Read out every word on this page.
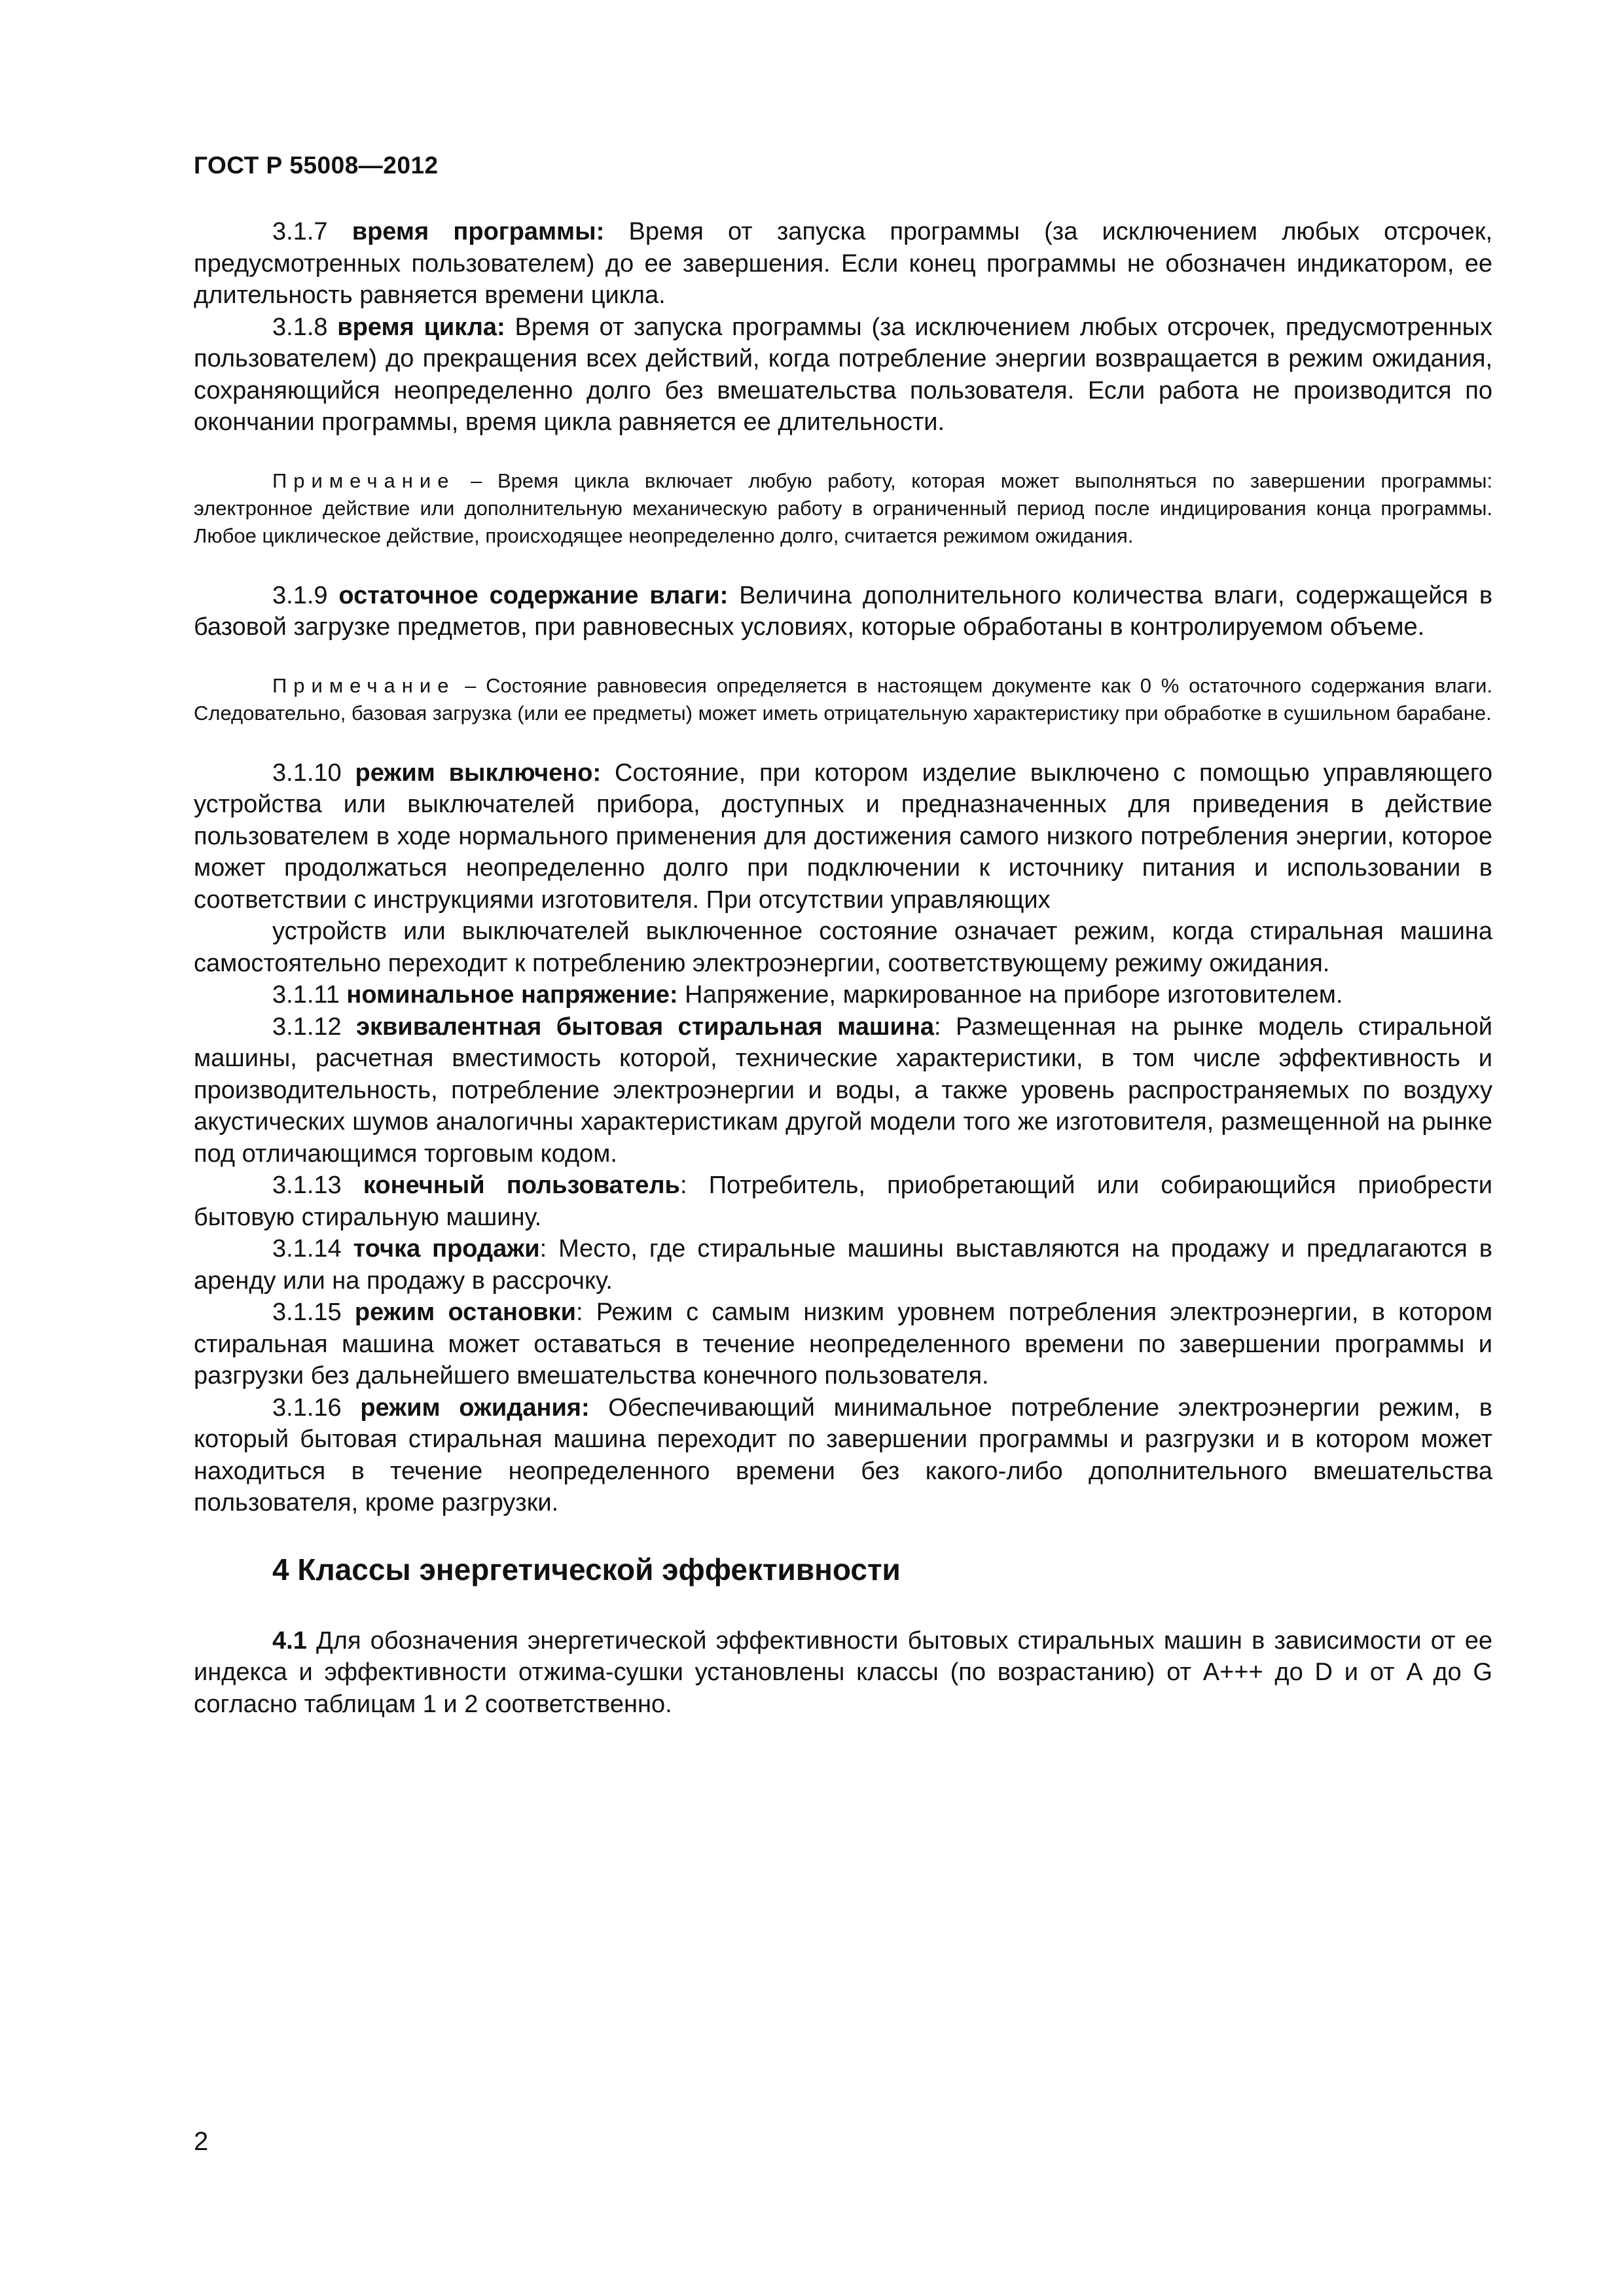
ГОСТ Р 55008—2012

3.1.7 время программы: Время от запуска программы (за исключением любых отсрочек, предусмотренных пользователем) до ее завершения. Если конец программы не обозначен индикатором, ее длительность равняется времени цикла.

3.1.8 время цикла: Время от запуска программы (за исключением любых отсрочек, предусмотренных пользователем) до прекращения всех действий, когда потребление энергии возвращается в режим ожидания, сохраняющийся неопределенно долго без вмешательства пользователя. Если работа не производится по окончании программы, время цикла равняется ее длительности.

Примечание – Время цикла включает любую работу, которая может выполняться по завершении программы: электронное действие или дополнительную механическую работу в ограниченный период после индицирования конца программы. Любое циклическое действие, происходящее неопределенно долго, считается режимом ожидания.

3.1.9 остаточное содержание влаги: Величина дополнительного количества влаги, содержащейся в базовой загрузке предметов, при равновесных условиях, которые обработаны в контролируемом объеме.

Примечание – Состояние равновесия определяется в настоящем документе как 0 % остаточного содержания влаги. Следовательно, базовая загрузка (или ее предметы) может иметь отрицательную характеристику при обработке в сушильном барабане.

3.1.10 режим выключено: Состояние, при котором изделие выключено с помощью управляющего устройства или выключателей прибора, доступных и предназначенных для приведения в действие пользователем в ходе нормального применения для достижения самого низкого потребления энергии, которое может продолжаться неопределенно долго при подключении к источнику питания и использовании в соответствии с инструкциями изготовителя. При отсутствии управляющих

устройств или выключателей выключенное состояние означает режим, когда стиральная машина самостоятельно переходит к потреблению электроэнергии, соответствующему режиму ожидания.

3.1.11 номинальное напряжение: Напряжение, маркированное на приборе изготовителем.

3.1.12 эквивалентная бытовая стиральная машина: Размещенная на рынке модель стиральной машины, расчетная вместимость которой, технические характеристики, в том числе эффективность и производительность, потребление электроэнергии и воды, а также уровень распространяемых по воздуху акустических шумов аналогичны характеристикам другой модели того же изготовителя, размещенной на рынке под отличающимся торговым кодом.

3.1.13 конечный пользователь: Потребитель, приобретающий или собирающийся приобрести бытовую стиральную машину.

3.1.14 точка продажи: Место, где стиральные машины выставляются на продажу и предлагаются в аренду или на продажу в рассрочку.

3.1.15 режим остановки: Режим с самым низким уровнем потребления электроэнергии, в котором стиральная машина может оставаться в течение неопределенного времени по завершении программы и разгрузки без дальнейшего вмешательства конечного пользователя.

3.1.16 режим ожидания: Обеспечивающий минимальное потребление электроэнергии режим, в который бытовая стиральная машина переходит по завершении программы и разгрузки и в котором может находиться в течение неопределенного времени без какого-либо дополнительного вмешательства пользователя, кроме разгрузки.

4 Классы энергетической эффективности

4.1 Для обозначения энергетической эффективности бытовых стиральных машин в зависимости от ее индекса и эффективности отжима-сушки установлены классы (по возрастанию) от A+++ до D и от A до G согласно таблицам 1 и 2 соответственно.

2
